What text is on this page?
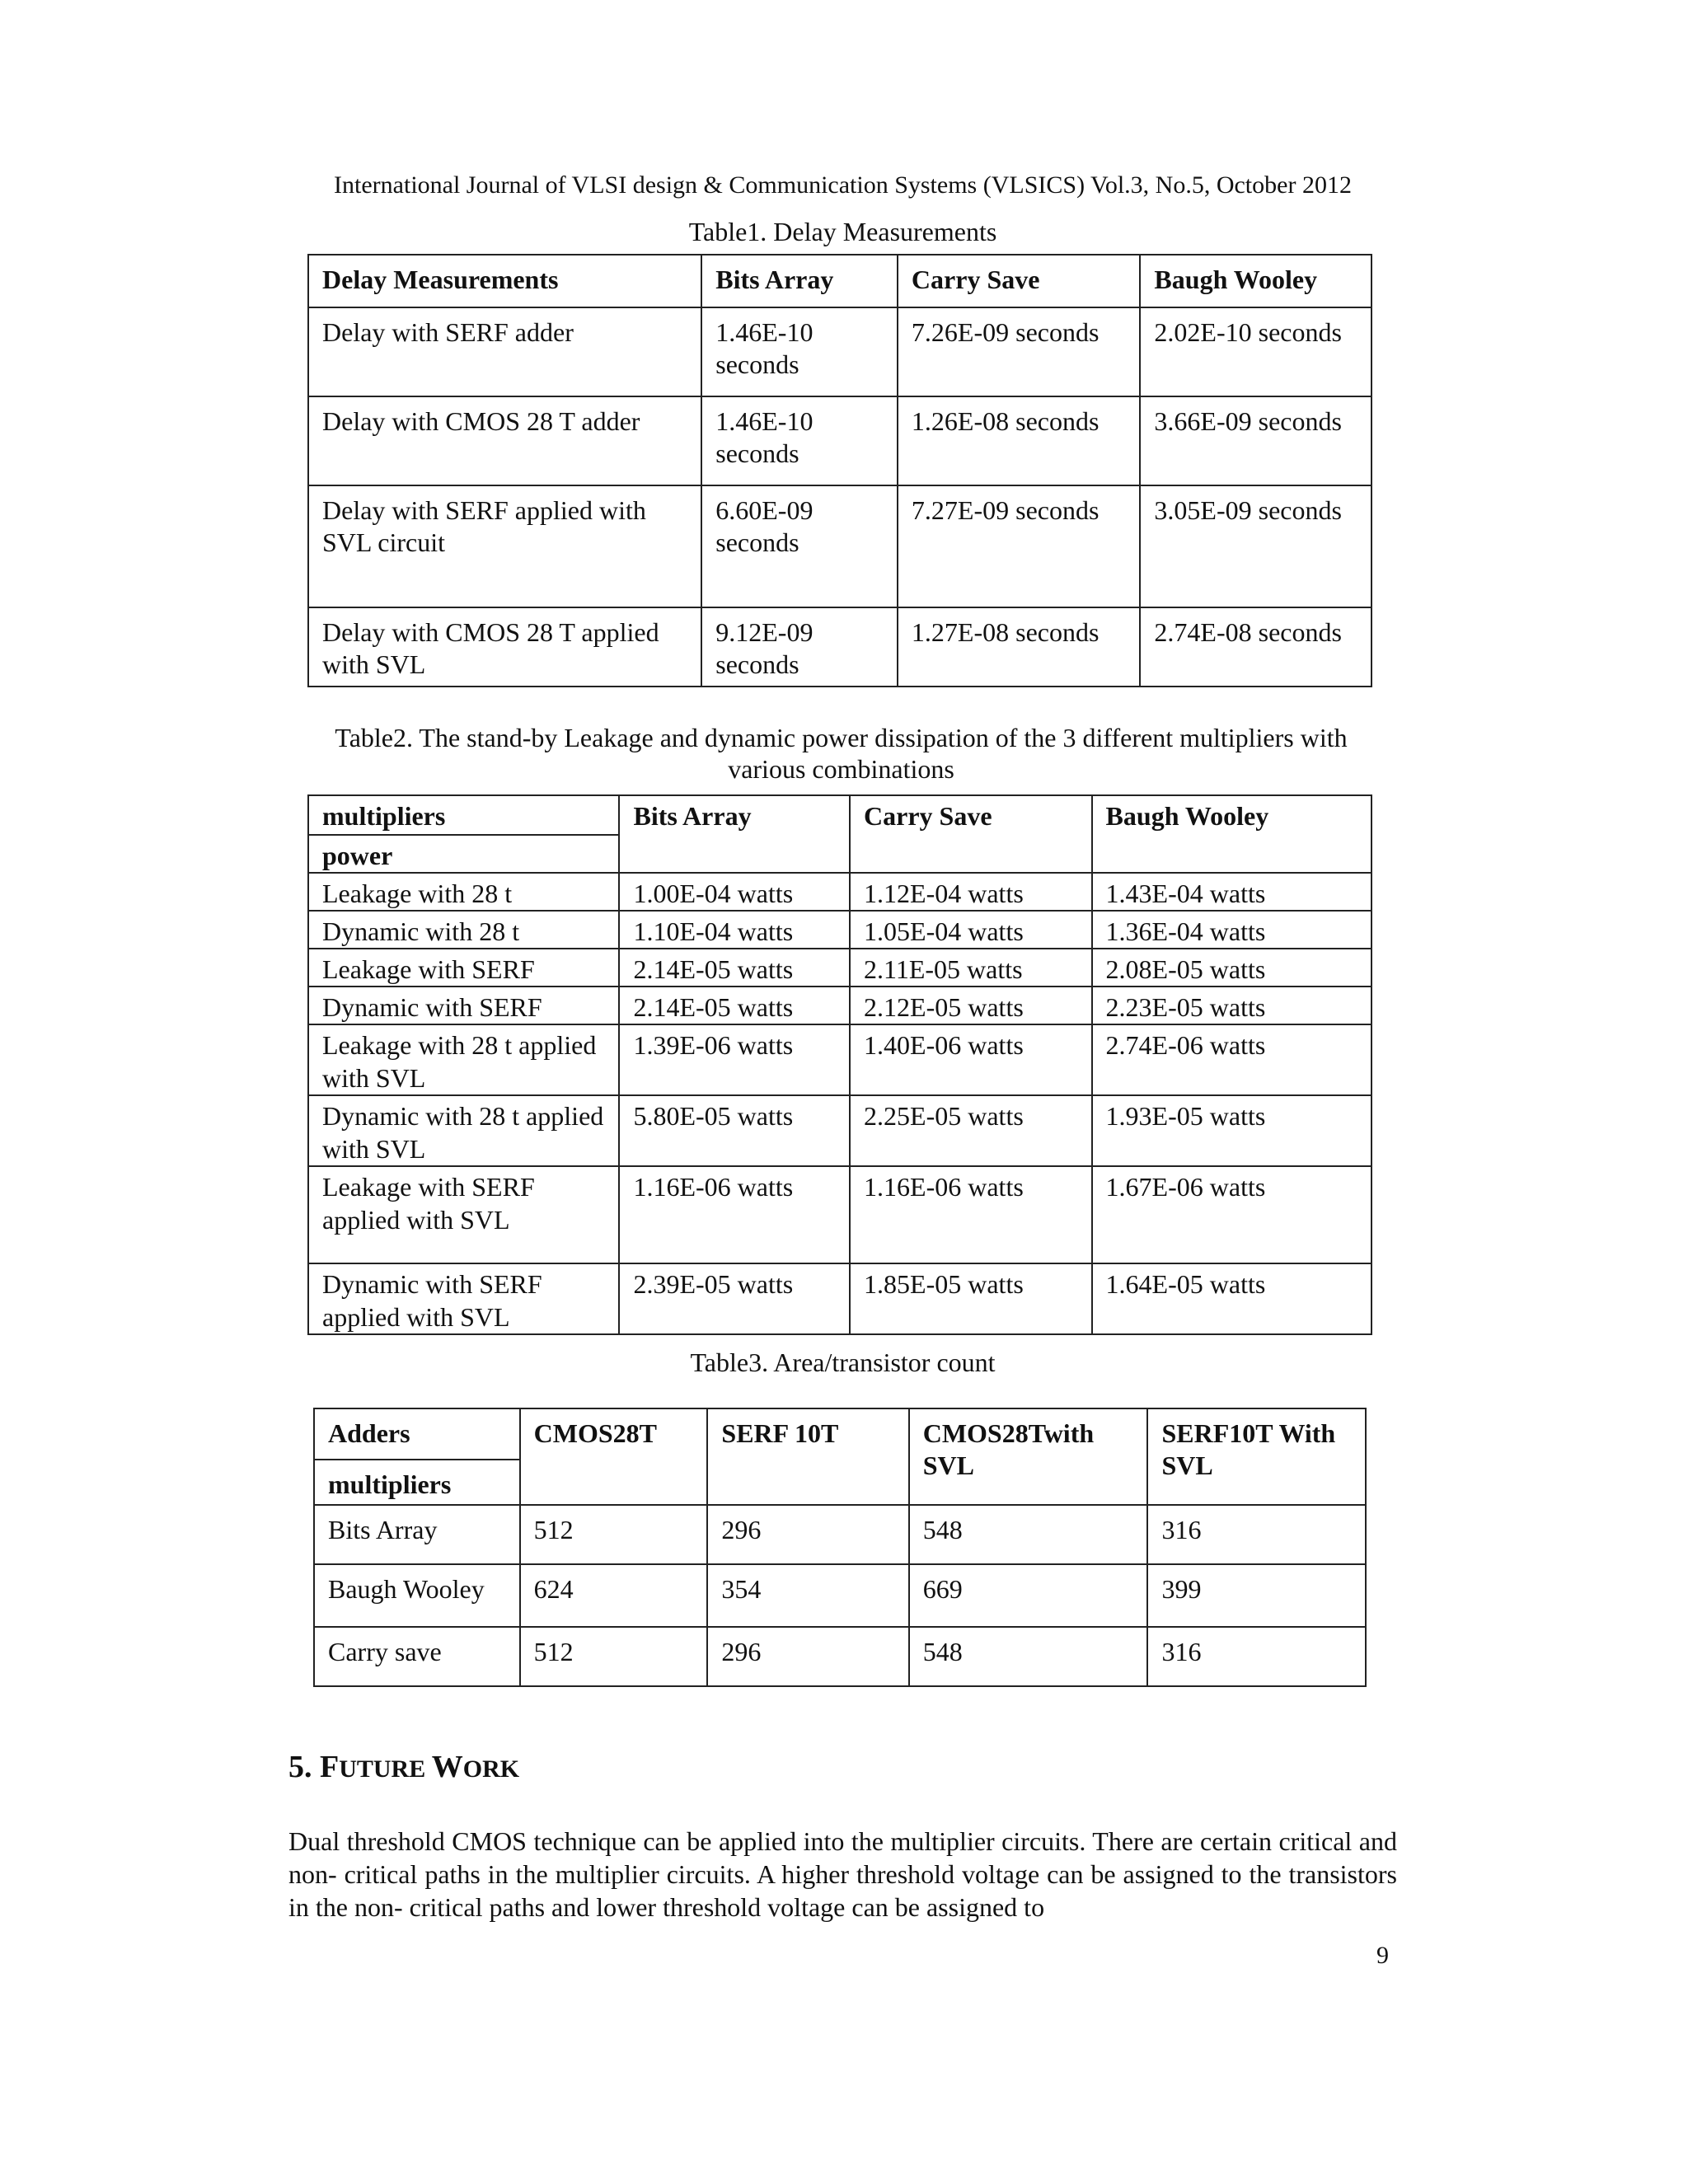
International Journal of VLSI design & Communication Systems (VLSICS) Vol.3, No.5, October 2012
Table1. Delay Measurements
Delay Measurements	Bits Array	Carry Save	Baugh Wooley
Delay with SERF adder	1.46E-10 seconds	7.26E-09 seconds	2.02E-10 seconds
Delay with CMOS 28 T adder	1.46E-10 seconds	1.26E-08 seconds	3.66E-09 seconds
Delay with SERF applied with SVL circuit	6.60E-09 seconds	7.27E-09 seconds	3.05E-09 seconds
Delay with CMOS 28 T applied with SVL	9.12E-09 seconds	1.27E-08 seconds	2.74E-08 seconds
Table2. The stand-by Leakage and dynamic power dissipation of the 3 different multipliers with various combinations
multipliers	Bits Array	Carry Save	Baugh Wooley
power			
Leakage with 28 t	1.00E-04 watts	1.12E-04 watts	1.43E-04 watts
Dynamic with 28 t	1.10E-04 watts	1.05E-04 watts	1.36E-04 watts
Leakage with SERF	2.14E-05 watts	2.11E-05 watts	2.08E-05 watts
Dynamic with SERF	2.14E-05 watts	2.12E-05 watts	2.23E-05 watts
Leakage with 28 t applied with SVL	1.39E-06 watts	1.40E-06 watts	2.74E-06 watts
Dynamic with 28 t applied with SVL	5.80E-05 watts	2.25E-05 watts	1.93E-05 watts
Leakage with SERF applied with SVL	1.16E-06 watts	1.16E-06 watts	1.67E-06 watts
Dynamic with SERF applied with SVL	2.39E-05 watts	1.85E-05 watts	1.64E-05 watts
Table3. Area/transistor count
Adders	CMOS28T	SERF 10T	CMOS28Twith SVL	SERF10T With SVL
multipliers				
Bits Array	512	296	548	316
Baugh Wooley	624	354	669	399
Carry save	512	296	548	316
5. FUTURE WORK
Dual threshold CMOS technique can be applied into the multiplier circuits. There are certain critical and non- critical paths in the multiplier circuits. A higher threshold voltage can be assigned to the transistors in the non- critical paths and lower threshold voltage can be assigned to
9
